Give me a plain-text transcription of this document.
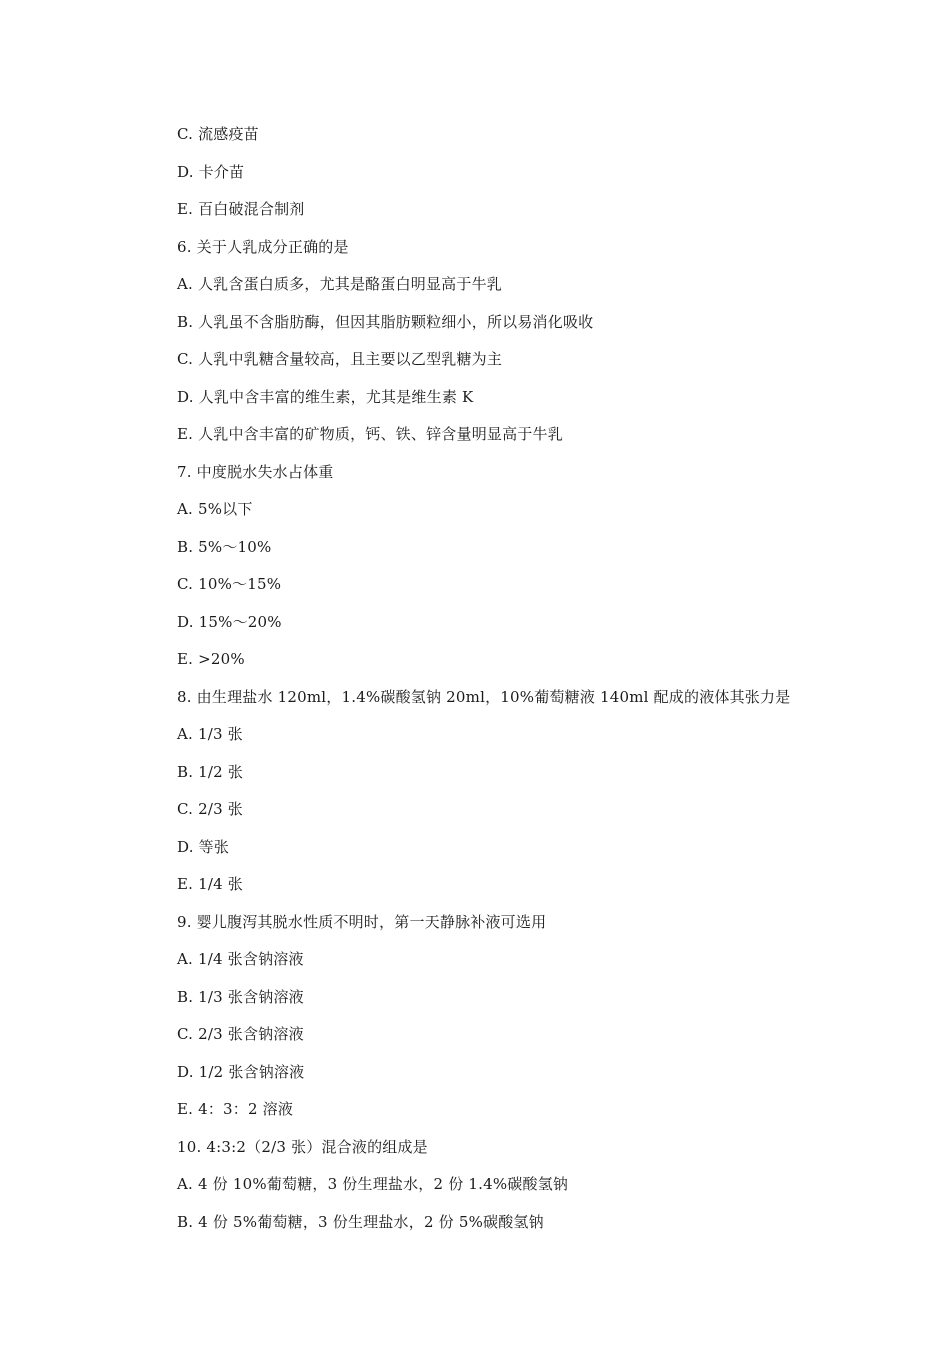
C. 流感疫苗
D. 卡介苗
E. 百白破混合制剂
6. 关于人乳成分正确的是
A. 人乳含蛋白质多，尤其是酪蛋白明显高于牛乳
B. 人乳虽不含脂肪酶，但因其脂肪颗粒细小，所以易消化吸收
C. 人乳中乳糖含量较高，且主要以乙型乳糖为主
D. 人乳中含丰富的维生素，尤其是维生素 K
E. 人乳中含丰富的矿物质，钙、铁、锌含量明显高于牛乳
7. 中度脱水失水占体重
A. 5%以下
B. 5%～10%
C. 10%～15%
D. 15%～20%
E. >20%
8. 由生理盐水 120ml，1.4%碳酸氢钠 20ml，10%葡萄糖液 140ml 配成的液体其张力是
A. 1/3 张
B. 1/2 张
C. 2/3 张
D. 等张
E. 1/4 张
9. 婴儿腹泻其脱水性质不明时，第一天静脉补液可选用
A. 1/4 张含钠溶液
B. 1/3 张含钠溶液
C. 2/3 张含钠溶液
D. 1/2 张含钠溶液
E. 4：3：2 溶液
10. 4:3:2（2/3 张）混合液的组成是
A. 4 份 10%葡萄糖，3 份生理盐水，2 份 1.4%碳酸氢钠
B. 4 份 5%葡萄糖，3 份生理盐水，2 份 5%碳酸氢钠
